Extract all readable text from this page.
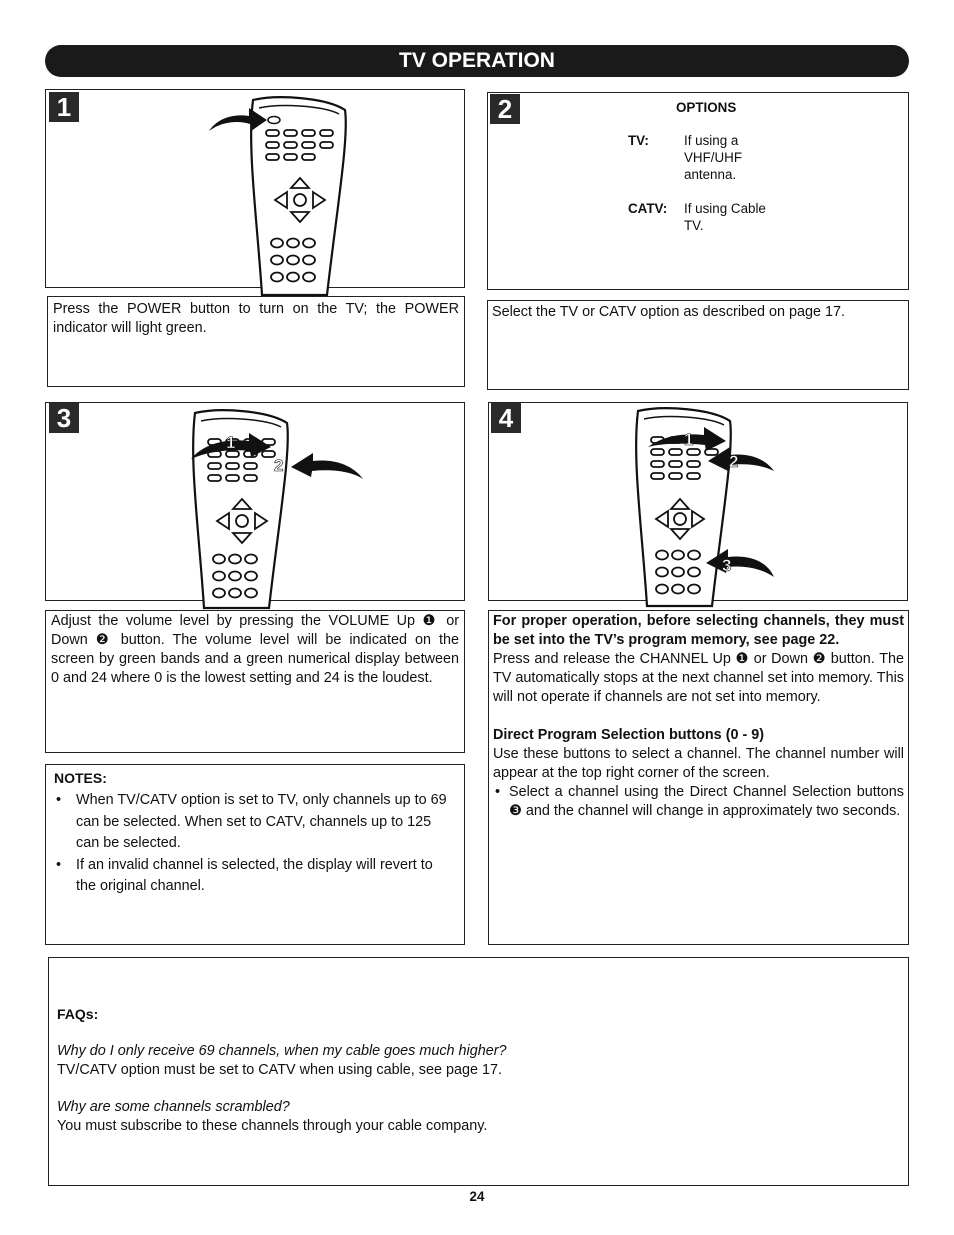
TV OPERATION
1
Press the POWER button to turn on the TV; the POWER indicator will light green.
2	OPTIONS
TV:	If using a VHF/UHF antenna.
CATV: If using Cable TV.
Select the TV or CATV option as described on page 17.
3
1
2
Adjust the volume level by pressing the VOLUME Up ❶ or Down ❷ button. The volume level will be indicated on the screen by green bands and a green numerical display between 0 and 24 where 0 is the lowest setting and 24 is the loudest.
NOTES:
• When TV/CATV option is set to TV, only channels up to 69 can be selected. When set to CATV, channels up to 125 can be selected.
• If an invalid channel is selected, the display will revert to the original channel.
4
1
2
3
For proper operation, before selecting channels, they must be set into the TV’s program memory, see page 22.
Press and release the CHANNEL Up ❶ or Down ❷ button. The TV automatically stops at the next channel set into memory. This will not operate if channels are not set into memory.
Direct Program Selection buttons (0 - 9)
Use these buttons to select a channel. The channel number will appear at the top right corner of the screen.
• Select a channel using the Direct Channel Selection buttons ❸ and the channel will change in approximately two seconds.
FAQs:
Why do I only receive 69 channels, when my cable goes much higher?
TV/CATV option must be set to CATV when using cable, see page 17.
Why are some channels scrambled?
You must subscribe to these channels through your cable company.
24
